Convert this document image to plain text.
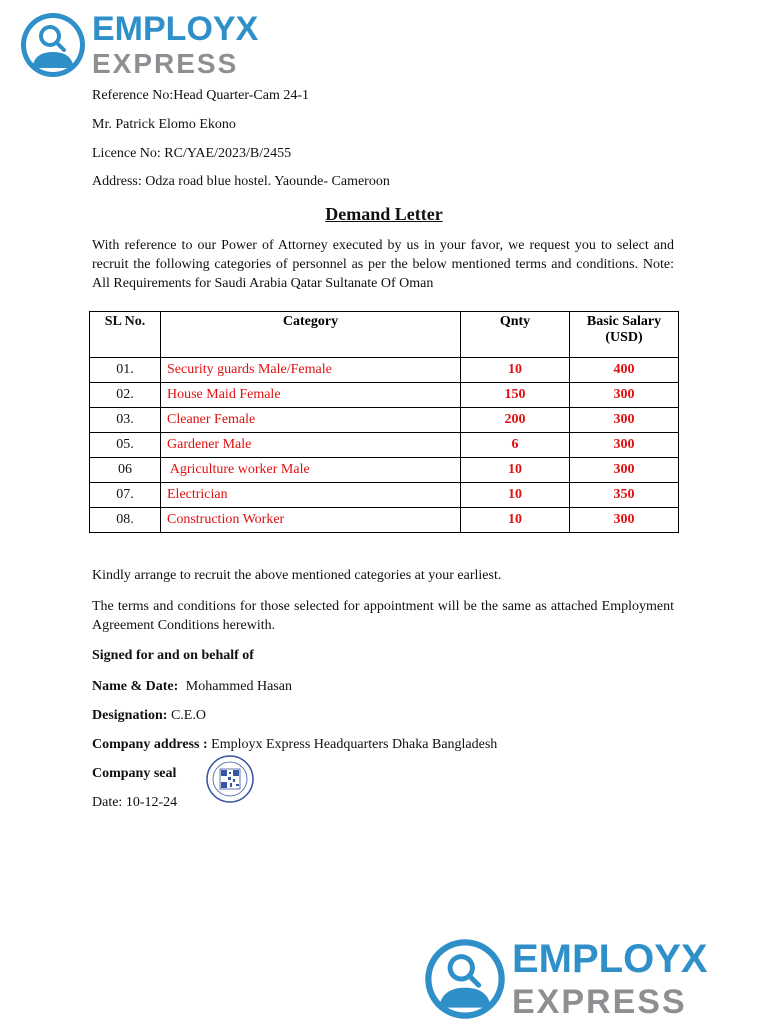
EMPLOYX
EXPRESS
Reference No:Head Quarter-Cam 24-1
Mr. Patrick Elomo Ekono
Licence No: RC/YAE/2023/B/2455
Address: Odza road blue hostel. Yaounde- Cameroon
Demand Letter
With reference to our Power of Attorney executed by us in your favor, we request you to select and recruit the following categories of personnel as per the below mentioned terms and conditions. Note: All Requirements for Saudi Arabia Qatar Sultanate Of Oman
SL No.	Category	Qnty	Basic Salary (USD)
01.	Security guards Male/Female	10	400
02.	House Maid Female	150	300
03.	Cleaner Female	200	300
05.	Gardener Male	6	300
06	Agriculture worker Male	10	300
07.	Electrician	10	350
08.	Construction Worker	10	300
Kindly arrange to recruit the above mentioned categories at your earliest.
The terms and conditions for those selected for appointment will be the same as attached Employment Agreement Conditions herewith.
Signed for and on behalf of
Name & Date: Mohammed Hasan
Designation: C.E.O
Company address : Employx Express Headquarters Dhaka Bangladesh
Company seal
Date: 10-12-24
EMPLOYX
EXPRESS
